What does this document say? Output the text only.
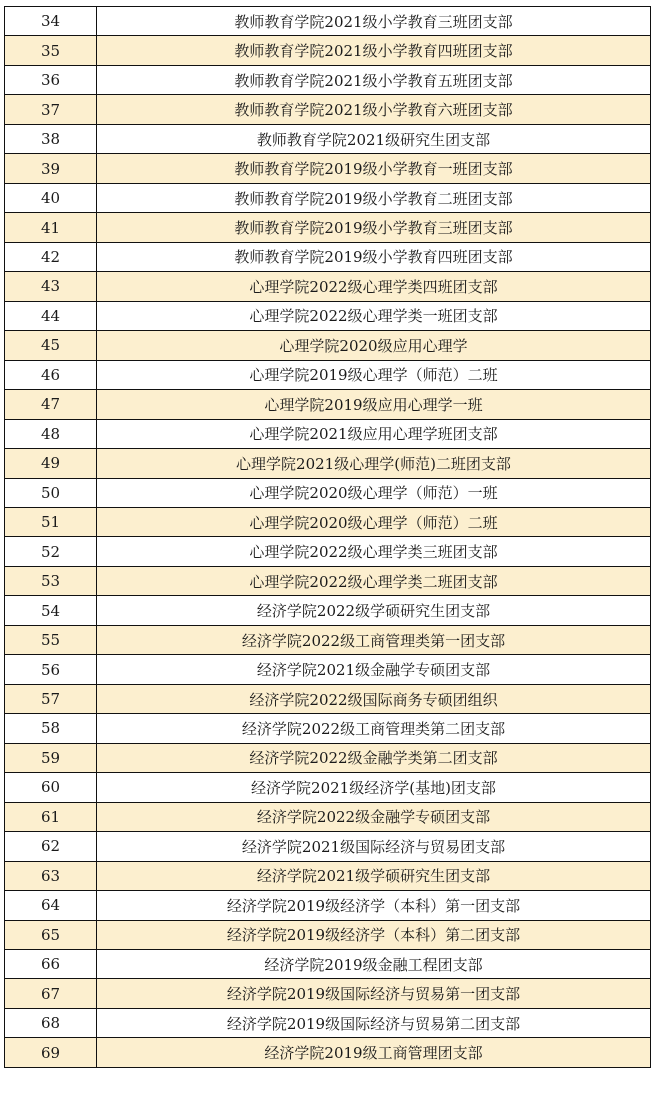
34	教师教育学院2021级小学教育三班团支部
35	教师教育学院2021级小学教育四班团支部
36	教师教育学院2021级小学教育五班团支部
37	教师教育学院2021级小学教育六班团支部
38	教师教育学院2021级研究生团支部
39	教师教育学院2019级小学教育一班团支部
40	教师教育学院2019级小学教育二班团支部
41	教师教育学院2019级小学教育三班团支部
42	教师教育学院2019级小学教育四班团支部
43	心理学院2022级心理学类四班团支部
44	心理学院2022级心理学类一班团支部
45	心理学院2020级应用心理学
46	心理学院2019级心理学（师范）二班
47	心理学院2019级应用心理学一班
48	心理学院2021级应用心理学班团支部
49	心理学院2021级心理学(师范)二班团支部
50	心理学院2020级心理学（师范）一班
51	心理学院2020级心理学（师范）二班
52	心理学院2022级心理学类三班团支部
53	心理学院2022级心理学类二班团支部
54	经济学院2022级学硕研究生团支部
55	经济学院2022级工商管理类第一团支部
56	经济学院2021级金融学专硕团支部
57	经济学院2022级国际商务专硕团组织
58	经济学院2022级工商管理类第二团支部
59	经济学院2022级金融学类第二团支部
60	经济学院2021级经济学(基地)团支部
61	经济学院2022级金融学专硕团支部
62	经济学院2021级国际经济与贸易团支部
63	经济学院2021级学硕研究生团支部
64	经济学院2019级经济学（本科）第一团支部
65	经济学院2019级经济学（本科）第二团支部
66	经济学院2019级金融工程团支部
67	经济学院2019级国际经济与贸易第一团支部
68	经济学院2019级国际经济与贸易第二团支部
69	经济学院2019级工商管理团支部
